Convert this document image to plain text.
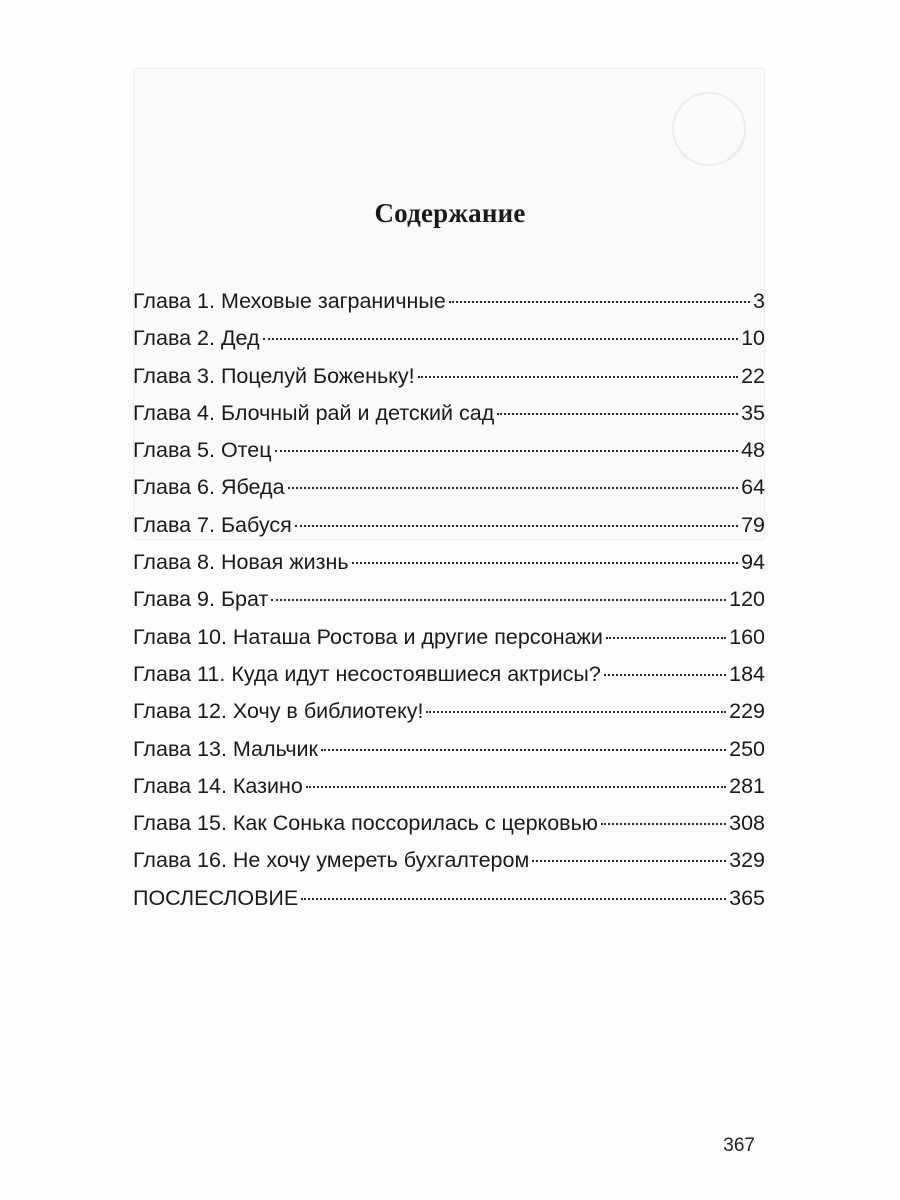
Содержание
Глава 1. Меховые заграничные	3
Глава 2. Дед	10
Глава 3. Поцелуй Боженьку!	22
Глава 4. Блочный рай и детский сад	35
Глава 5. Отец	48
Глава 6. Ябеда	64
Глава 7. Бабуся	79
Глава 8. Новая жизнь	94
Глава 9. Брат	120
Глава 10. Наташа Ростова и другие персонажи	160
Глава 11. Куда идут несостоявшиеся актрисы?	184
Глава 12. Хочу в библиотеку!	229
Глава 13. Мальчик	250
Глава 14. Казино	281
Глава 15. Как Сонька поссорилась с церковью	308
Глава 16. Не хочу умереть бухгалтером	329
ПОСЛЕСЛОВИЕ	365
367
